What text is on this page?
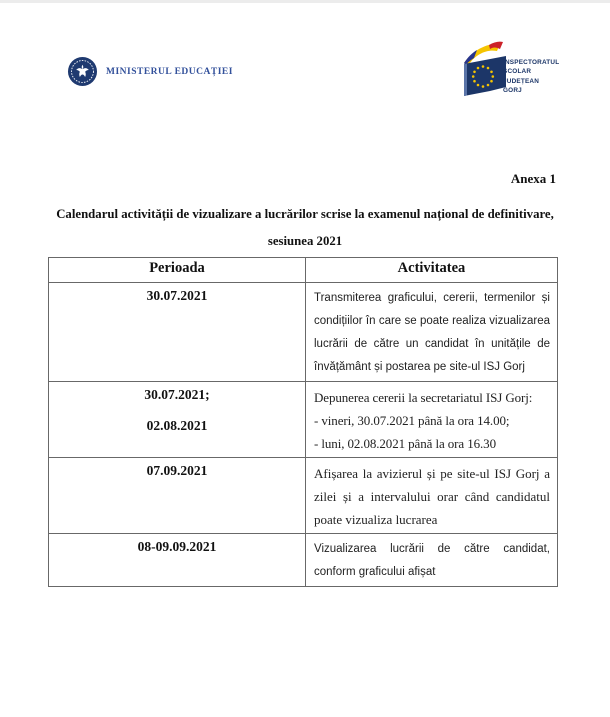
MINISTERUL EDUCAȚIEI
INSPECTORATUL
ȘCOLAR
JUDEȚEAN
GORJ
Anexa 1
Calendarul activității de vizualizare a lucrărilor scrise la examenul național de definitivare,
sesiunea 2021
Perioada	Activitatea

30.07.2021	Transmiterea graficului, cererii, termenilor și condițiilor în care se poate realiza vizualizarea lucrării de către un candidat în unitățile de învățământ și postarea pe site-ul ISJ Gorj

30.07.2021;
02.08.2021	Depunerea cererii la secretariatul ISJ Gorj:
- vineri, 30.07.2021 până la ora 14.00;
- luni, 02.08.2021 până la ora 16.30

07.09.2021	Afișarea la avizierul și pe site-ul ISJ Gorj a zilei și a intervalului orar când candidatul poate vizualiza lucrarea

08-09.09.2021	Vizualizarea lucrării de către candidat, conform graficului afișat
